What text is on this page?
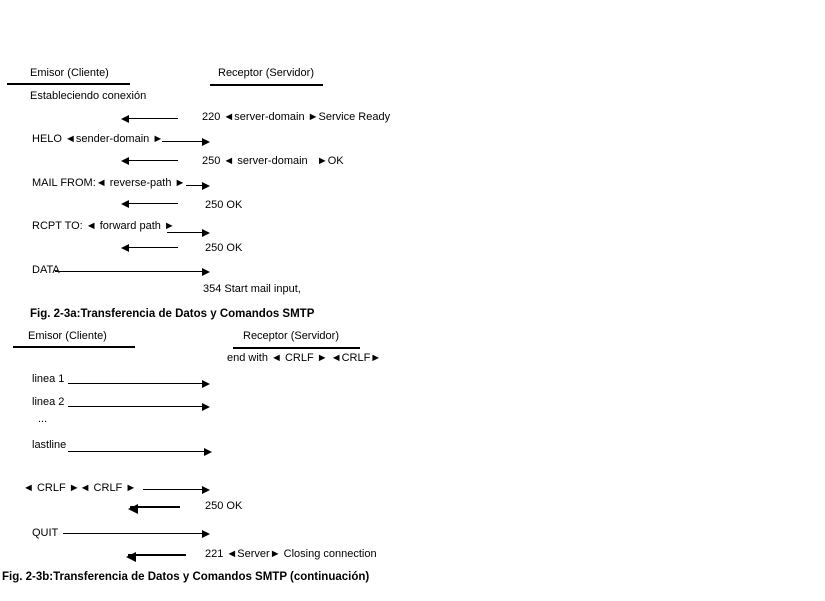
Emisor (Cliente)	Receptor (Servidor)
Estableciendo conexión
220 ◄server-domain ►Service Ready
HELO ◄sender-domain ►
250 ◄ server-domain   ►OK
MAIL FROM:◄ reverse-path ►
250 OK
RCPT TO: ◄ forward path ►
250 OK
DATA
354 Start mail input,
Fig. 2-3a:Transferencia de Datos y Comandos SMTP
Emisor (Cliente)	Receptor (Servidor)
end with ◄ CRLF ► ◄CRLF►
linea 1
linea 2
...
lastline
◄ CRLF ►◄ CRLF ►
250 OK
QUIT
221 ◄Server► Closing connection
Fig. 2-3b:Transferencia de Datos y Comandos SMTP (continuación)
